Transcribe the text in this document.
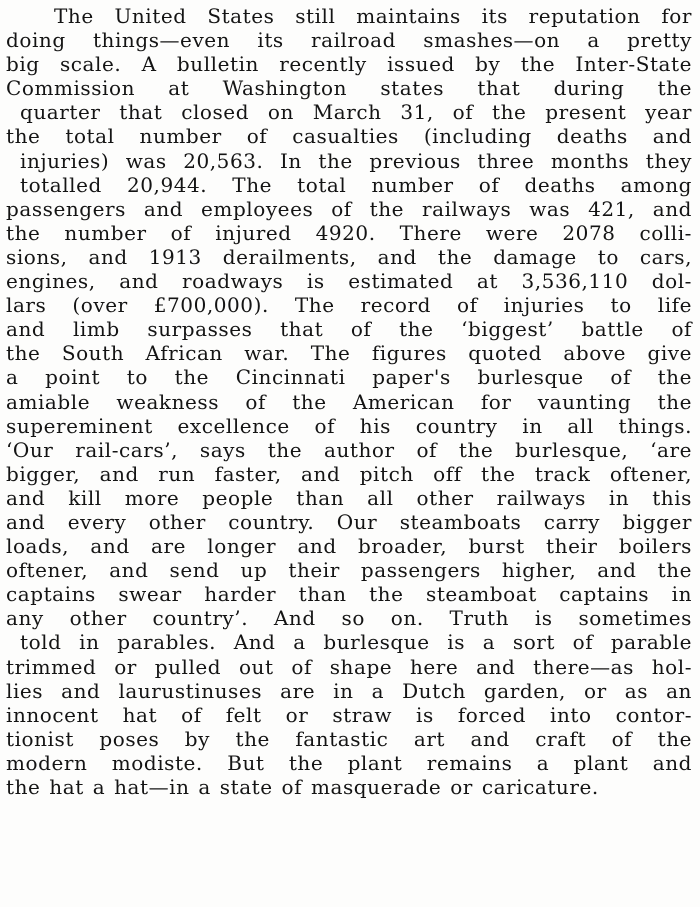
The United States still maintains its reputation for
doing things—even its railroad smashes—on a pretty
big scale. A bulletin recently issued by the Inter-State
Commission at Washington states that during the
quarter that closed on March 31, of the present year
the total number of casualties (including deaths and
injuries) was 20,563. In the previous three months they
totalled 20,944. The total number of deaths among
passengers and employees of the railways was 421, and
the number of injured 4920. There were 2078 colli-
sions, and 1913 derailments, and the damage to cars,
engines, and roadways is estimated at 3,536,110 dol-
lars (over £700,000). The record of injuries to life
and limb surpasses that of the ‘biggest’ battle of
the South African war. The figures quoted above give
a point to the Cincinnati paper's burlesque of the
amiable weakness of the American for vaunting the
supereminent excellence of his country in all things.
‘Our rail-cars’, says the author of the burlesque, ‘are
bigger, and run faster, and pitch off the track oftener,
and kill more people than all other railways in this
and every other country. Our steamboats carry bigger
loads, and are longer and broader, burst their boilers
oftener, and send up their passengers higher, and the
captains swear harder than the steamboat captains in
any other country’. And so on. Truth is sometimes
told in parables. And a burlesque is a sort of parable
trimmed or pulled out of shape here and there—as hol-
lies and laurustinuses are in a Dutch garden, or as an
innocent hat of felt or straw is forced into contor-
tionist poses by the fantastic art and craft of the
modern modiste. But the plant remains a plant and
the hat a hat—in a state of masquerade or caricature.
